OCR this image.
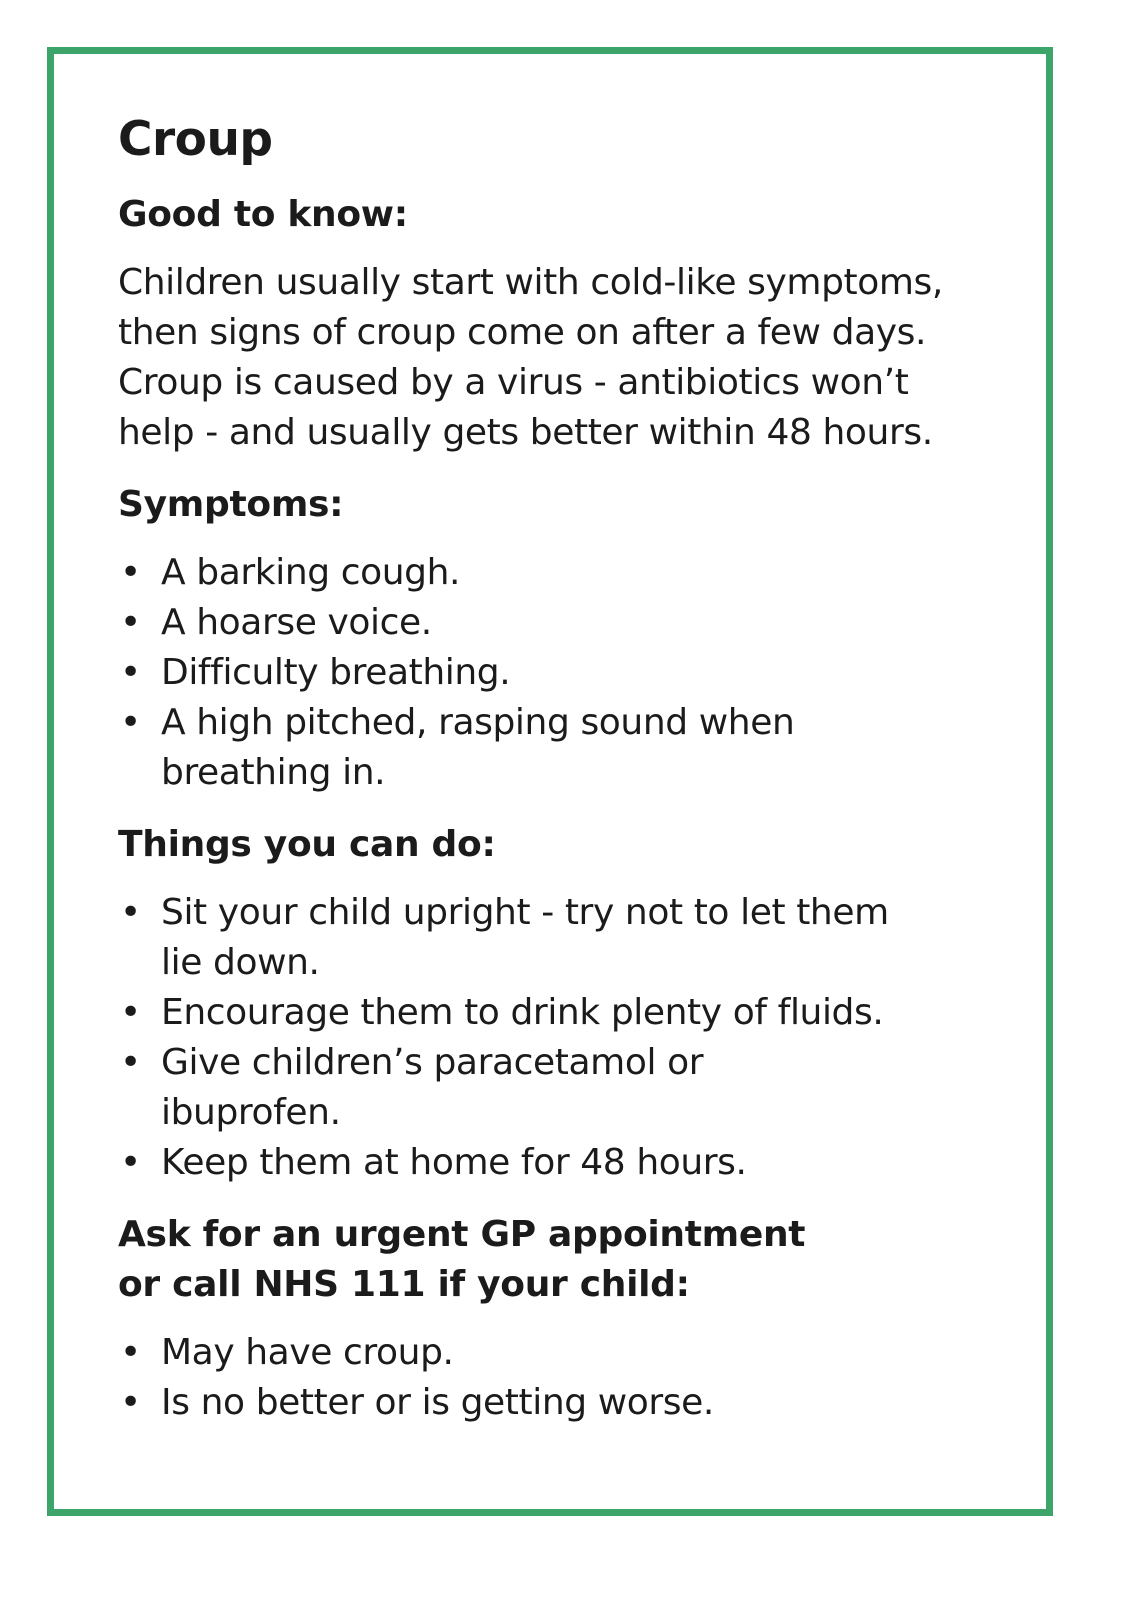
Croup
Good to know:

Children usually start with cold-like symptoms,
then signs of croup come on after a few days.
Croup is caused by a virus - antibiotics won’t
help - and usually gets better within 48 hours.

Symptoms:
• A barking cough.
• A hoarse voice.
• Difficulty breathing.
• A high pitched, rasping sound when
breathing in.
Things you can do:
• Sit your child upright - try not to let them
lie down.
• Encourage them to drink plenty of fluids.
• Give children’s paracetamol or
ibuprofen.
• Keep them at home for 48 hours.
Ask for an urgent GP appointment
or call NHS 111 if your child:
• May have croup.
• Is no better or is getting worse.
